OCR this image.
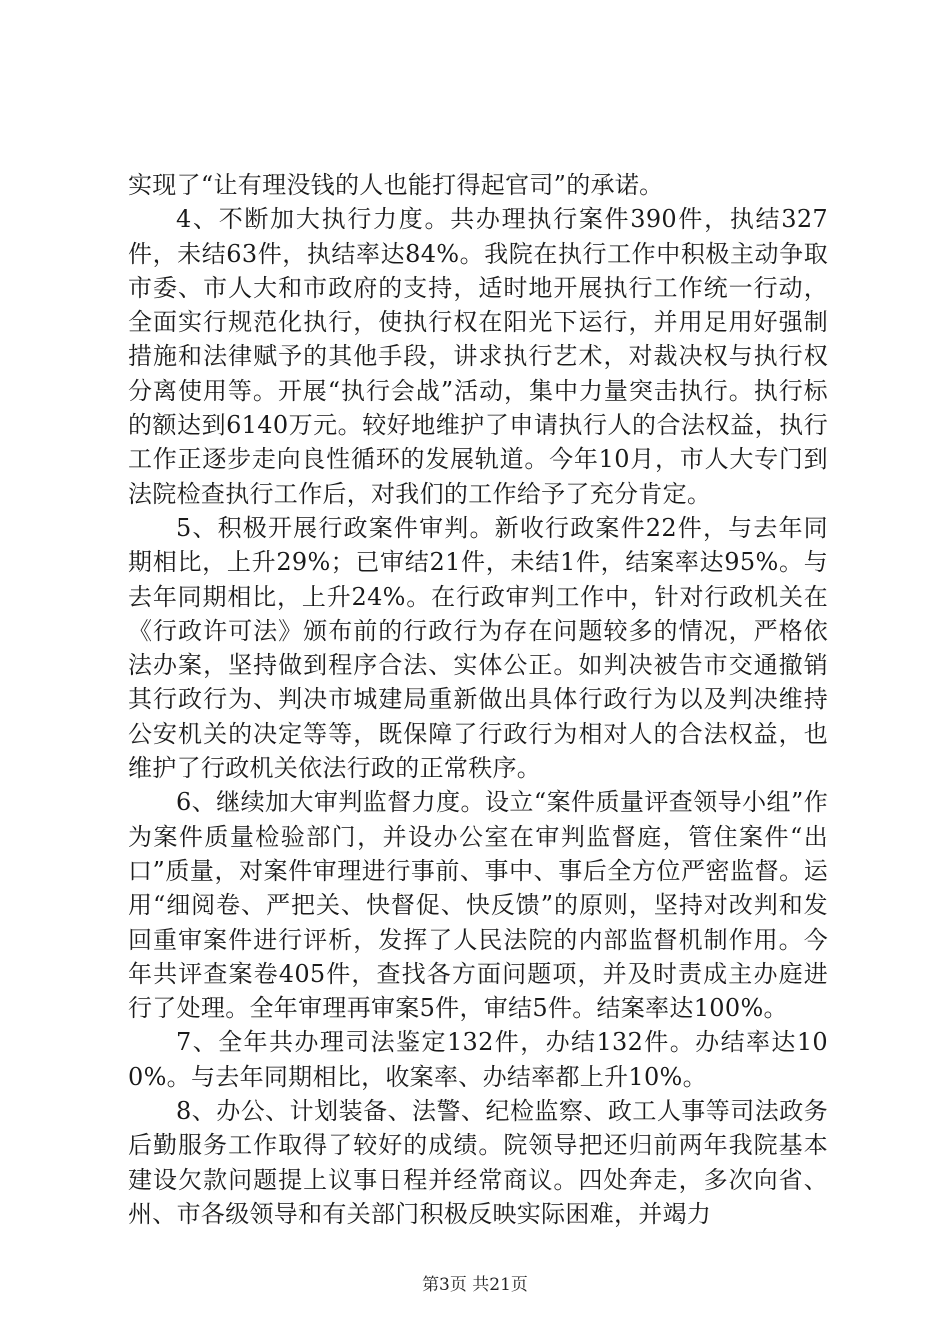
实现了“让有理没钱的人也能打得起官司”的承诺。

4、不断加大执行力度。共办理执行案件390件，执结327件，未结63件，执结率达84%。我院在执行工作中积极主动争取市委、市人大和市政府的支持，适时地开展执行工作统一行动，全面实行规范化执行，使执行权在阳光下运行，并用足用好强制措施和法律赋予的其他手段，讲求执行艺术，对裁决权与执行权分离使用等。开展“执行会战”活动，集中力量突击执行。执行标的额达到6140万元。较好地维护了申请执行人的合法权益，执行工作正逐步走向良性循环的发展轨道。今年10月，市人大专门到法院检查执行工作后，对我们的工作给予了充分肯定。

5、积极开展行政案件审判。新收行政案件22件，与去年同期相比，上升29%；已审结21件，未结1件，结案率达95%。与去年同期相比，上升24%。在行政审判工作中，针对行政机关在《行政许可法》颁布前的行政行为存在问题较多的情况，严格依法办案，坚持做到程序合法、实体公正。如判决被告市交通撤销其行政行为、判决市城建局重新做出具体行政行为以及判决维持公安机关的决定等等，既保障了行政行为相对人的合法权益，也维护了行政机关依法行政的正常秩序。

6、继续加大审判监督力度。设立“案件质量评查领导小组”作为案件质量检验部门，并设办公室在审判监督庭，管住案件“出口”质量，对案件审理进行事前、事中、事后全方位严密监督。运用“细阅卷、严把关、快督促、快反馈”的原则，坚持对改判和发回重审案件进行评析，发挥了人民法院的内部监督机制作用。今年共评查案卷405件，查找各方面问题项，并及时责成主办庭进行了处理。全年审理再审案5件，审结5件。结案率达100%。

7、全年共办理司法鉴定132件，办结132件。办结率达100%。与去年同期相比，收案率、办结率都上升10%。

8、办公、计划装备、法警、纪检监察、政工人事等司法政务后勤服务工作取得了较好的成绩。院领导把还归前两年我院基本建设欠款问题提上议事日程并经常商议。四处奔走，多次向省、州、市各级领导和有关部门积极反映实际困难，并竭力

第3页 共21页
